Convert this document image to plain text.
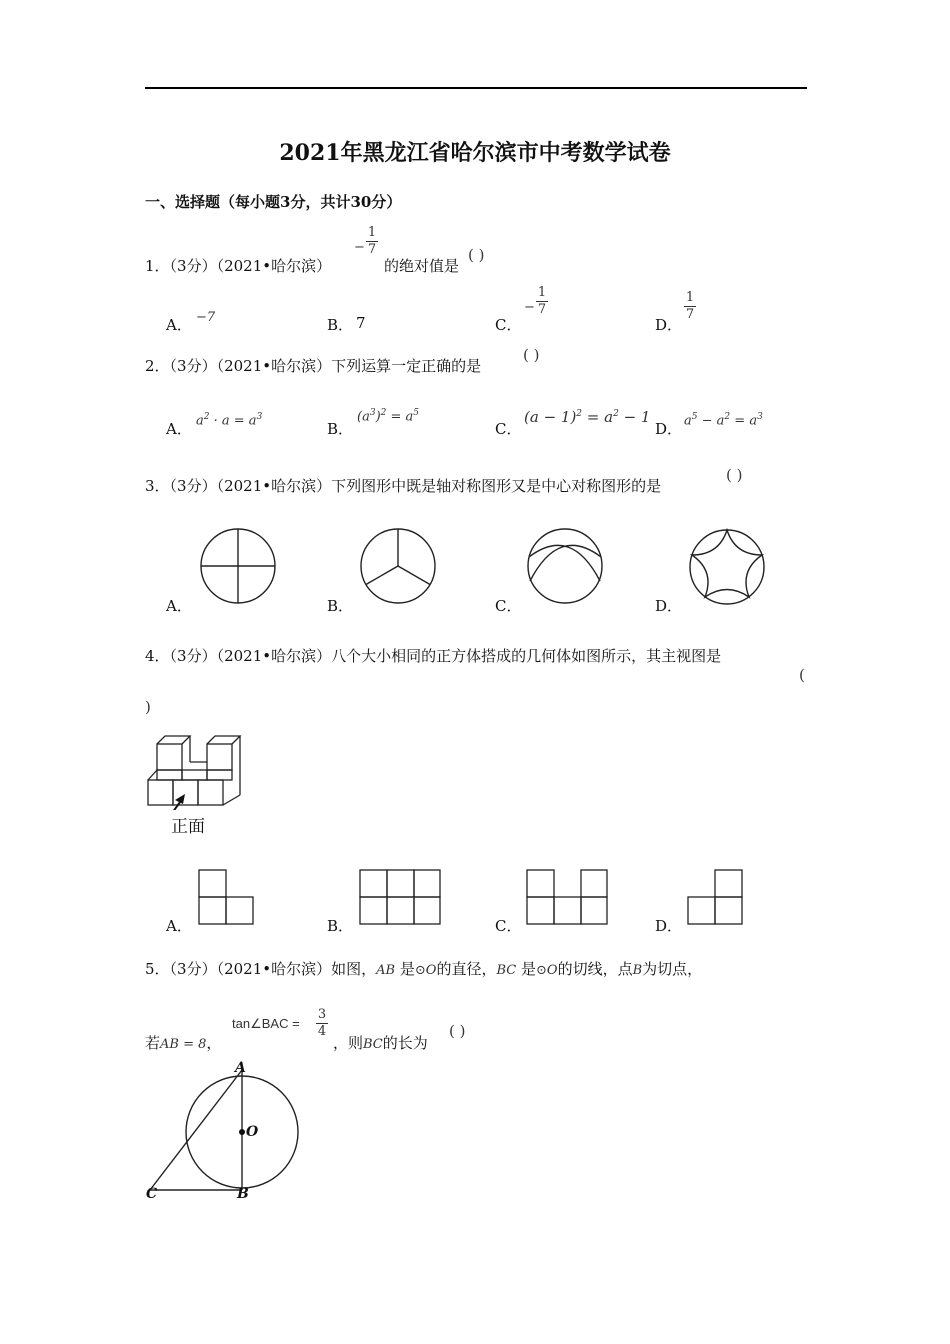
2021年黑龙江省哈尔滨市中考数学试卷
一、选择题（每小题3分，共计30分）
1．（3分）（2021•哈尔滨）
−
1
7
的绝对值是
( )
A． −7	B． 7	C．
−
1
7
D．
$\frac{1}{7}$
2．（3分）（2021•哈尔滨）下列运算一定正确的是
( )
A． $a^2 \cdot a = a^3$
B．
$(a^3)^2 = a^5$
C．
$(a - 1)^2 = a^2 - 1$
D． $a^5 - a^2 = a^3$
3．（3分）（2021•哈尔滨）下列图形中既是轴对称图形又是中心对称图形的是
( )
A．	B．	C．	D．
4．（3分）（2021•哈尔滨）八个大小相同的正方体搭成的几何体如图所示，其主视图是
(
)
正面
A．	B．	C．	D．
5．（3分）（2021•哈尔滨）如图，AB 是⊙O的直径，BC 是⊙O的切线，点B为切点，
若AB = 8，
tan∠BAC = $\frac{3}{4}$
，则BC的长为
( )
A
O
B
C
